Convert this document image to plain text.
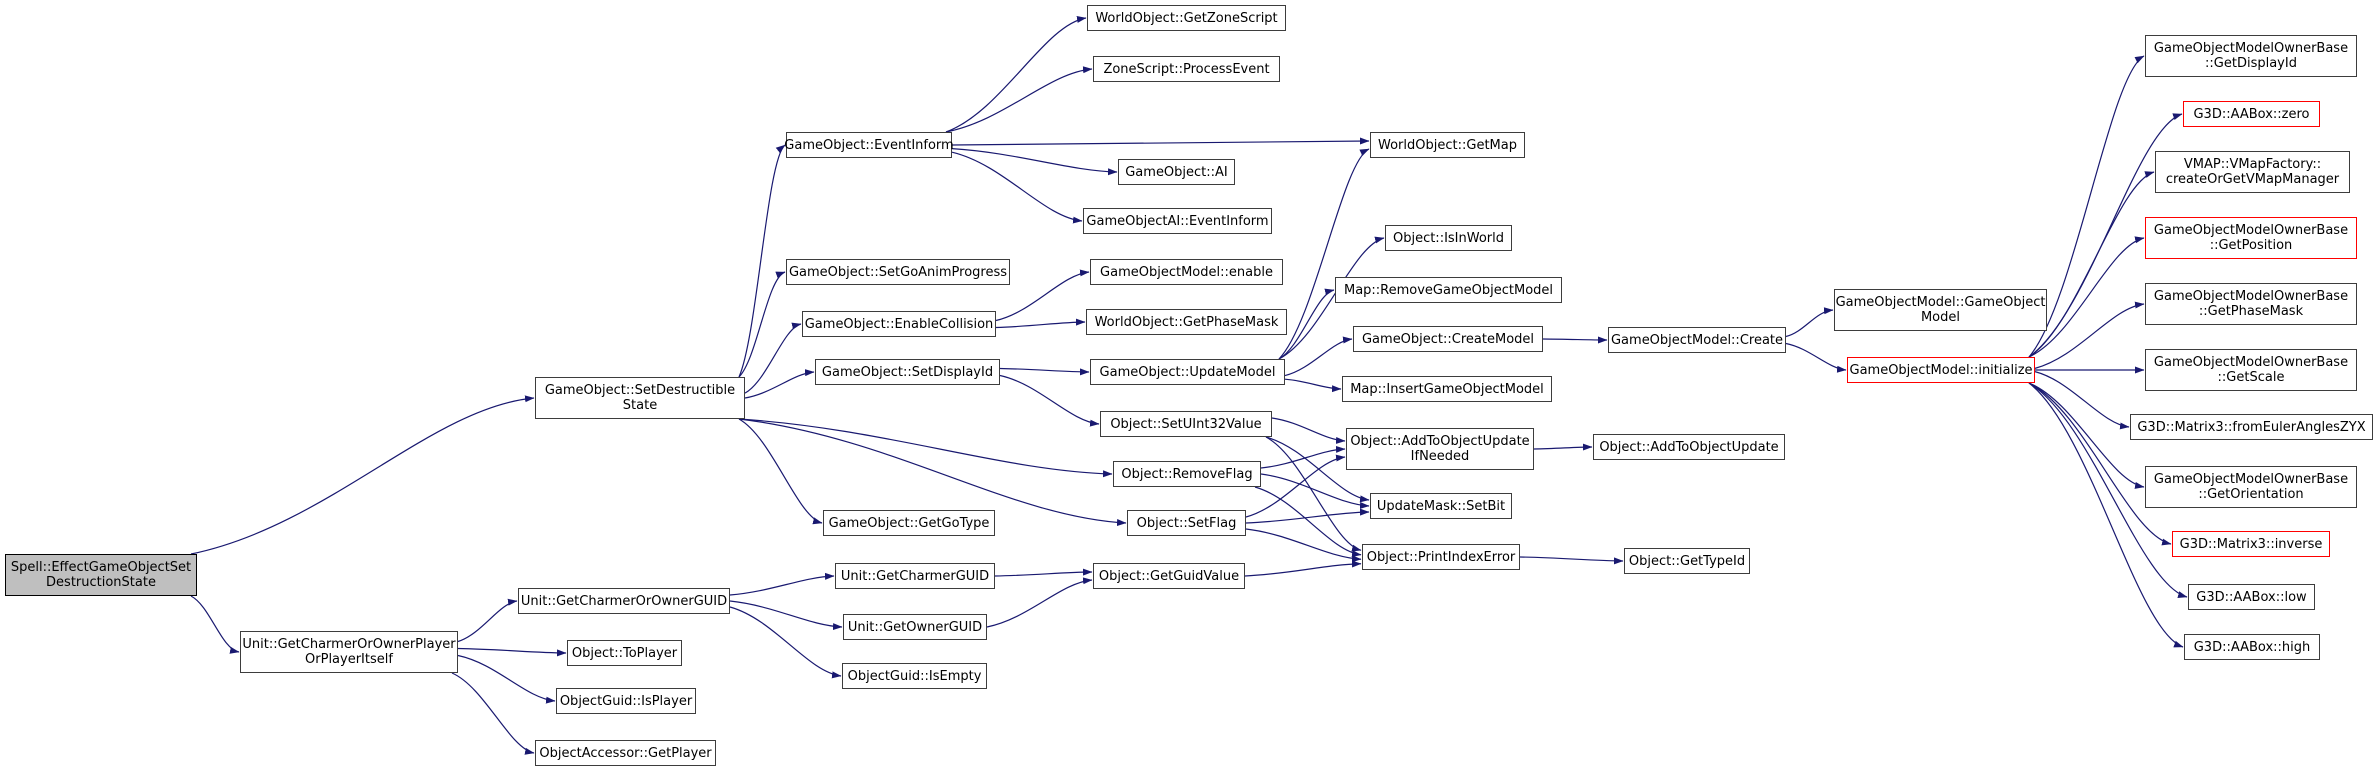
Spell::EffectGameObjectSet
DestructionState
Unit::GetCharmerOrOwnerPlayer
OrPlayerItself
GameObject::SetDestructible
State
GameObject::EventInform
GameObject::SetGoAnimProgress
GameObject::EnableCollision
GameObject::SetDisplayId
GameObject::GetGoType
Unit::GetCharmerGUID
Unit::GetOwnerGUID
ObjectGuid::IsEmpty
Unit::GetCharmerOrOwnerGUID
Object::ToPlayer
ObjectGuid::IsPlayer
ObjectAccessor::GetPlayer
WorldObject::GetZoneScript
ZoneScript::ProcessEvent
GameObject::AI
GameObjectAI::EventInform
GameObjectModel::enable
WorldObject::GetPhaseMask
GameObject::UpdateModel
Object::SetUInt32Value
Object::RemoveFlag
Object::SetFlag
Object::GetGuidValue
WorldObject::GetMap
Object::IsInWorld
Map::RemoveGameObjectModel
GameObject::CreateModel
Map::InsertGameObjectModel
Object::AddToObjectUpdate
IfNeeded
UpdateMask::SetBit
Object::PrintIndexError
GameObjectModel::Create
Object::AddToObjectUpdate
Object::GetTypeId
GameObjectModel::GameObject
Model
GameObjectModel::initialize
GameObjectModelOwnerBase
::GetDisplayId
G3D::AABox::zero
VMAP::VMapFactory::
createOrGetVMapManager
GameObjectModelOwnerBase
::GetPosition
GameObjectModelOwnerBase
::GetPhaseMask
GameObjectModelOwnerBase
::GetScale
G3D::Matrix3::fromEulerAnglesZYX
GameObjectModelOwnerBase
::GetOrientation
G3D::Matrix3::inverse
G3D::AABox::low
G3D::AABox::high
